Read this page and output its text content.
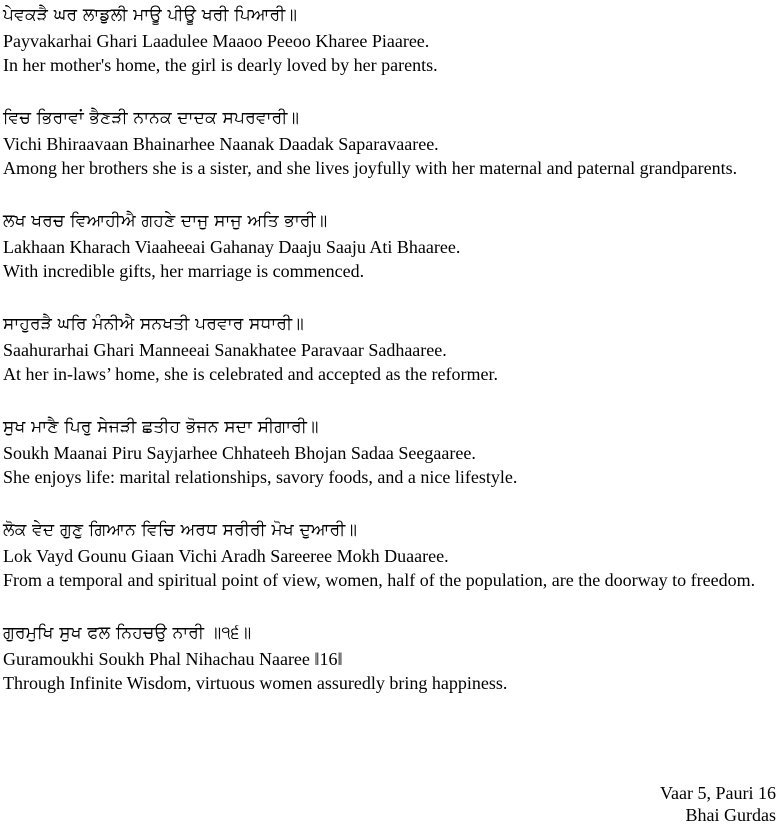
ਪੇਵਕੜੈ ਘਰ ਲਾਡੁਲੀ ਮਾਊ ਪੀਊ ਖਰੀ ਪਿਆਰੀ॥
Payvakarhai Ghari Laadulee Maaoo Peeoo Kharee Piaaree.
In her mother's home, the girl is dearly loved by her parents.
ਵਿਚ ਭਿਰਾਵਾਂ ਭੈਣੜੀ ਨਾਨਕ ਦਾਦਕ ਸਪਰਵਾਰੀ॥
Vichi Bhiraavaan Bhainarhee Naanak Daadak Saparavaaree.
Among her brothers she is a sister, and she lives joyfully with her maternal and paternal grandparents.
ਲਖ ਖਰਚ ਵਿਆਹੀਐ ਗਹਣੇ ਦਾਜੁ ਸਾਜੁ ਅਤਿ ਭਾਰੀ॥
Lakhaan Kharach Viaaheeai Gahanay Daaju Saaju Ati Bhaaree.
With incredible gifts, her marriage is commenced.
ਸਾਹੁਰੜੈ ਘਰਿ ਮੰਨੀਐ ਸਨਖਤੀ ਪਰਵਾਰ ਸਧਾਰੀ॥
Saahurarhai Ghari Manneeai Sanakhatee Paravaar Sadhaaree.
At her in-laws’ home, she is celebrated and accepted as the reformer.
ਸੁਖ ਮਾਣੈ ਪਿਰੁ ਸੇਜੜੀ ਛਤੀਹ ਭੋਜਨ ਸਦਾ ਸੀਗਾਰੀ॥
Soukh Maanai Piru Sayjarhee Chhateeh Bhojan Sadaa Seegaaree.
She enjoys life: marital relationships, savory foods, and a nice lifestyle.
ਲੋਕ ਵੇਦ ਗੁਣੁ ਗਿਆਨ ਵਿਚਿ ਅਰਧ ਸਰੀਰੀ ਮੋਖ ਦੁਆਰੀ॥
Lok Vayd Gounu Giaan Vichi Aradh Sareeree Mokh Duaaree.
From a temporal and spiritual point of view, women, half of the population, are the doorway to freedom.
ਗੁਰਮੁਖਿ ਸੁਖ ਫਲ ਨਿਹਚਉ ਨਾਰੀ ॥੧੬॥
Guramoukhi Soukh Phal Nihachau Naaree ‖16‖
Through Infinite Wisdom, virtuous women assuredly bring happiness.
Vaar 5, Pauri 16
Bhai Gurdas
